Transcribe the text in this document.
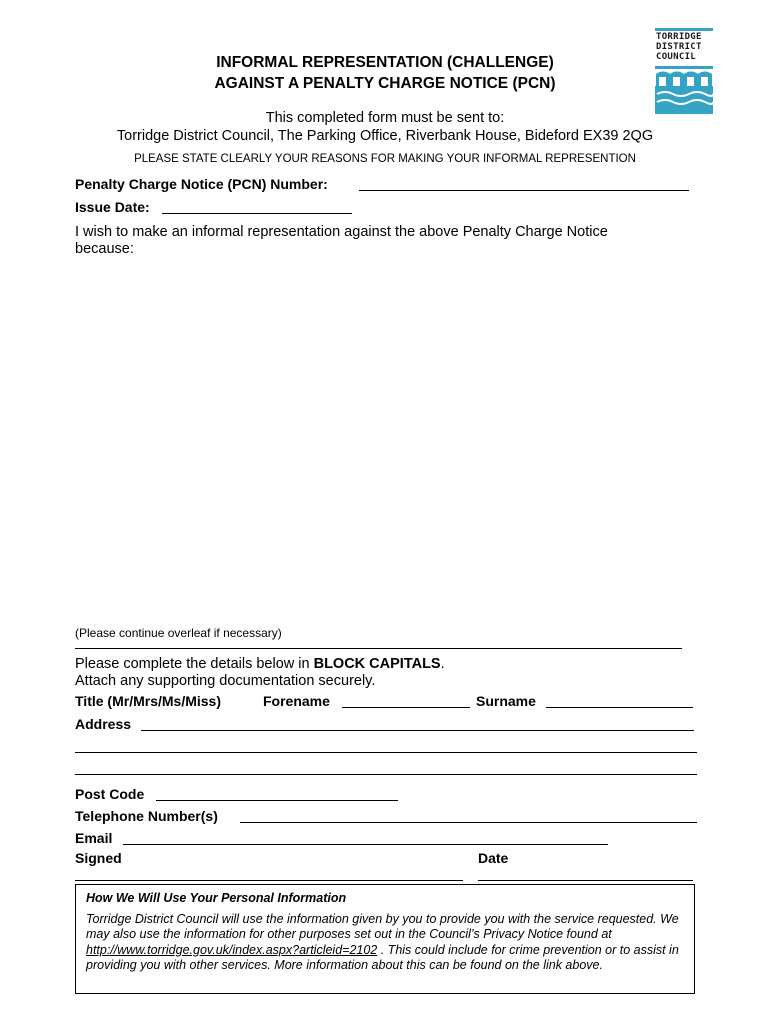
TORRIDGE
DISTRICT
COUNCIL
INFORMAL REPRESENTATION (CHALLENGE)
AGAINST A PENALTY CHARGE NOTICE (PCN)
This completed form must be sent to:
Torridge District Council, The Parking Office, Riverbank House, Bideford EX39 2QG
PLEASE STATE CLEARLY YOUR REASONS FOR MAKING YOUR INFORMAL REPRESENTION
Penalty Charge Notice (PCN) Number:
Issue Date:
I wish to make an informal representation against the above Penalty Charge Notice
because:
(Please continue overleaf if necessary)
Please complete the details below in BLOCK CAPITALS.
Attach any supporting documentation securely.
Title (Mr/Mrs/Ms/Miss)	Forename	Surname
Address
Post Code
Telephone Number(s)
Email
Signed	Date
How We Will Use Your Personal Information
Torridge District Council will use the information given by you to provide you with the service requested. We may also use the information for other purposes set out in the Council’s Privacy Notice found at http://www.torridge.gov.uk/index.aspx?articleid=2102 . This could include for crime prevention or to assist in providing you with other services. More information about this can be found on the link above.
